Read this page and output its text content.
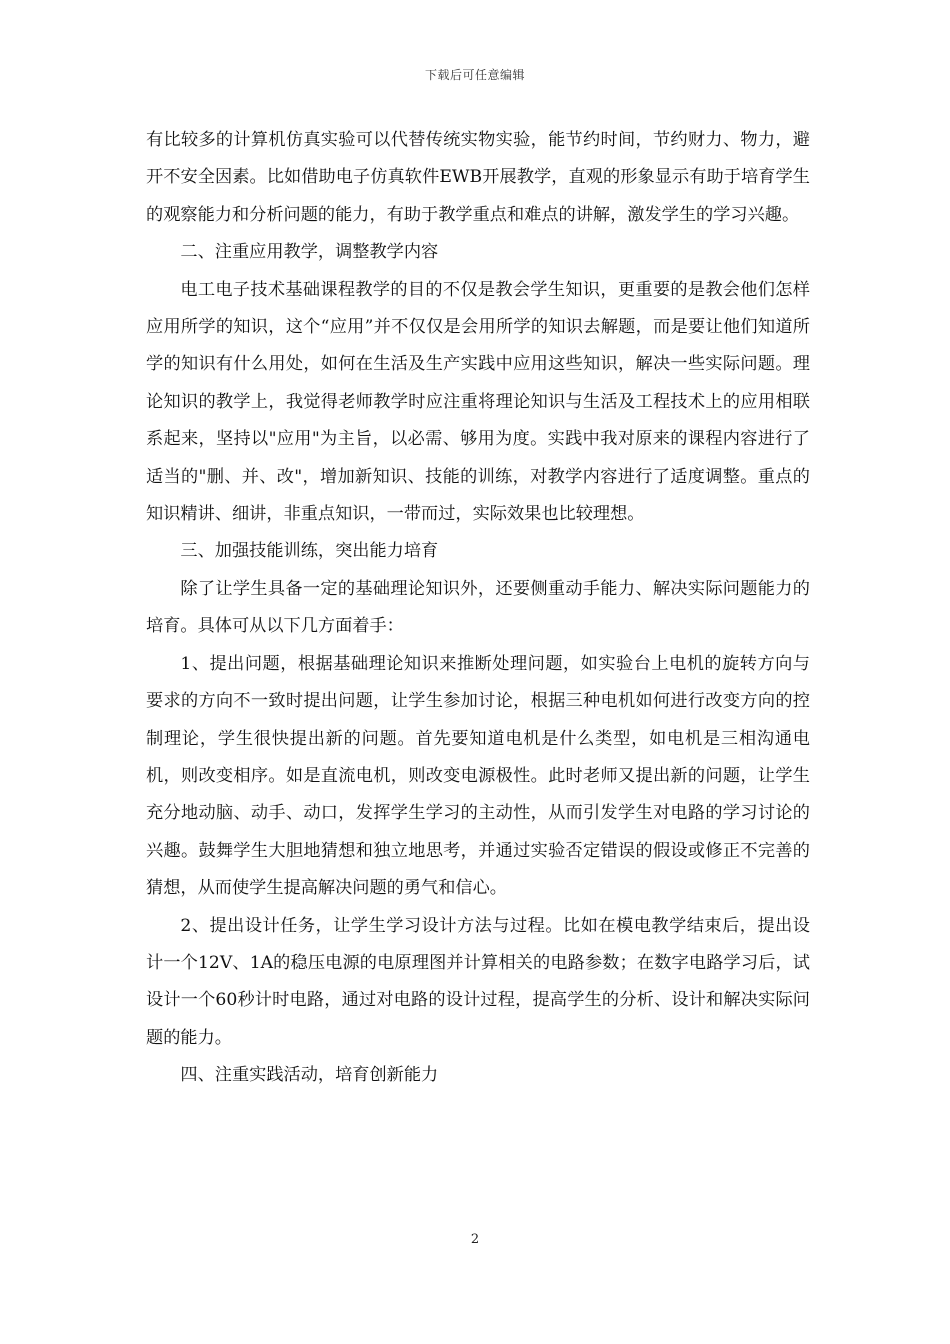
下载后可任意编辑

有比较多的计算机仿真实验可以代替传统实物实验，能节约时间，节约财力、物力，避开不安全因素。比如借助电子仿真软件EWB开展教学，直观的形象显示有助于培育学生的观察能力和分析问题的能力，有助于教学重点和难点的讲解，激发学生的学习兴趣。

二、注重应用教学，调整教学内容

电工电子技术基础课程教学的目的不仅是教会学生知识，更重要的是教会他们怎样应用所学的知识，这个“应用”并不仅仅是会用所学的知识去解题，而是要让他们知道所学的知识有什么用处，如何在生活及生产实践中应用这些知识，解决一些实际问题。理论知识的教学上，我觉得老师教学时应注重将理论知识与生活及工程技术上的应用相联系起来，坚持以"应用"为主旨，以必需、够用为度。实践中我对原来的课程内容进行了适当的"删、并、改"，增加新知识、技能的训练，对教学内容进行了适度调整。重点的知识精讲、细讲，非重点知识，一带而过，实际效果也比较理想。

三、加强技能训练，突出能力培育

除了让学生具备一定的基础理论知识外，还要侧重动手能力、解决实际问题能力的培育。具体可从以下几方面着手：

1、提出问题，根据基础理论知识来推断处理问题，如实验台上电机的旋转方向与要求的方向不一致时提出问题，让学生参加讨论，根据三种电机如何进行改变方向的控制理论，学生很快提出新的问题。首先要知道电机是什么类型，如电机是三相沟通电机，则改变相序。如是直流电机，则改变电源极性。此时老师又提出新的问题，让学生充分地动脑、动手、动口，发挥学生学习的主动性，从而引发学生对电路的学习讨论的兴趣。鼓舞学生大胆地猜想和独立地思考，并通过实验否定错误的假设或修正不完善的猜想，从而使学生提高解决问题的勇气和信心。

2、提出设计任务，让学生学习设计方法与过程。比如在模电教学结束后，提出设计一个12V、1A的稳压电源的电原理图并计算相关的电路参数；在数字电路学习后，试设计一个60秒计时电路，通过对电路的设计过程，提高学生的分析、设计和解决实际问题的能力。

四、注重实践活动，培育创新能力

2
